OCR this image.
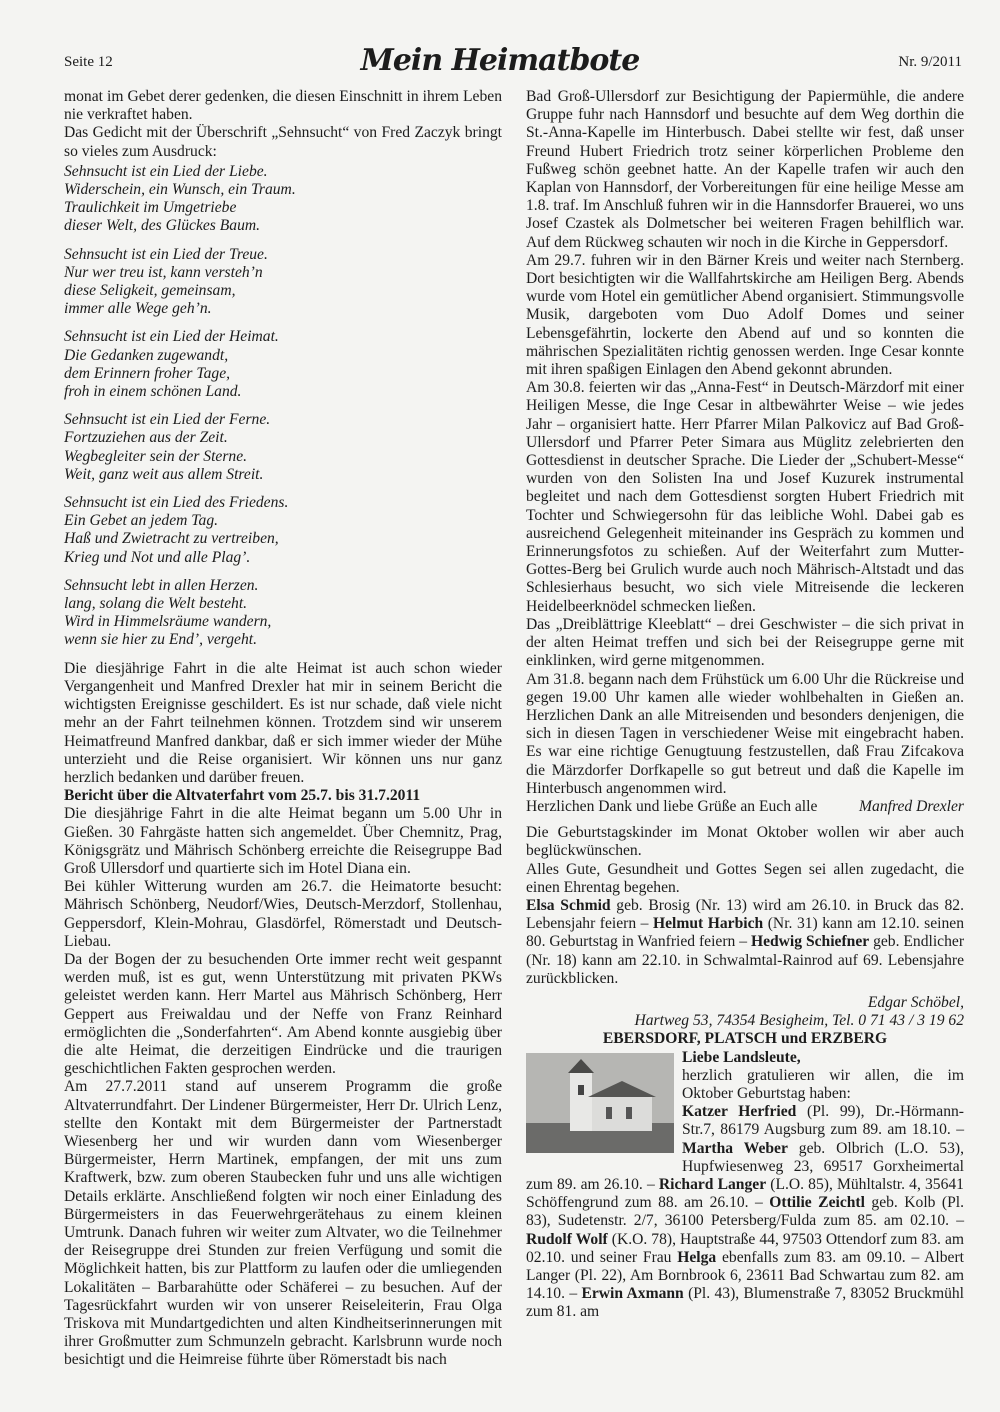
Seite 12	Mein Heimatbote	Nr. 9/2011

monat im Gebet derer gedenken, die diesen Einschnitt in ihrem Leben nie verkraftet haben.

Das Gedicht mit der Überschrift „Sehnsucht“ von Fred Zaczyk bringt so vieles zum Ausdruck:

Sehnsucht ist ein Lied der Liebe.
Widerschein, ein Wunsch, ein Traum.
Traulichkeit im Umgetriebe
dieser Welt, des Glückes Baum.
Sehnsucht ist ein Lied der Treue.
Nur wer treu ist, kann versteh’n
diese Seligkeit, gemeinsam,
immer alle Wege geh’n.
Sehnsucht ist ein Lied der Heimat.
Die Gedanken zugewandt,
dem Erinnern froher Tage,
froh in einem schönen Land.
Sehnsucht ist ein Lied der Ferne.
Fortzuziehen aus der Zeit.
Wegbegleiter sein der Sterne.
Weit, ganz weit aus allem Streit.
Sehnsucht ist ein Lied des Friedens.
Ein Gebet an jedem Tag.
Haß und Zwietracht zu vertreiben,
Krieg und Not und alle Plag’.
Sehnsucht lebt in allen Herzen.
lang, solang die Welt besteht.
Wird in Himmelsräume wandern,
wenn sie hier zu End’, vergeht.

Die diesjährige Fahrt in die alte Heimat ist auch schon wieder Vergangenheit und Manfred Drexler hat mir in seinem Bericht die wichtigsten Ereignisse geschildert. Es ist nur schade, daß viele nicht mehr an der Fahrt teilnehmen können. Trotzdem sind wir unserem Heimatfreund Manfred dankbar, daß er sich immer wieder der Mühe unterzieht und die Reise organisiert. Wir können uns nur ganz herzlich bedanken und darüber freuen.

Bericht über die Altvaterfahrt vom 25.7. bis 31.7.2011

Die diesjährige Fahrt in die alte Heimat begann um 5.00 Uhr in Gießen. 30 Fahrgäste hatten sich angemeldet. Über Chemnitz, Prag, Königsgrätz und Mährisch Schönberg erreichte die Reisegruppe Bad Groß Ullersdorf und quartierte sich im Hotel Diana ein.

Bei kühler Witterung wurden am 26.7. die Heimatorte besucht: Mährisch Schönberg, Neudorf/Wies, Deutsch-Merzdorf, Stollenhau, Geppersdorf, Klein-Mohrau, Glasdörfel, Römerstadt und Deutsch-Liebau.

Da der Bogen der zu besuchenden Orte immer recht weit gespannt werden muß, ist es gut, wenn Unterstützung mit privaten PKWs geleistet werden kann. Herr Martel aus Mährisch Schönberg, Herr Geppert aus Freiwaldau und der Neffe von Franz Reinhard ermöglichten die „Sonderfahrten“. Am Abend konnte ausgiebig über die alte Heimat, die derzeitigen Eindrücke und die traurigen geschichtlichen Fakten gesprochen werden.

Am 27.7.2011 stand auf unserem Programm die große Altvaterrundfahrt. Der Lindener Bürgermeister, Herr Dr. Ulrich Lenz, stellte den Kontakt mit dem Bürgermeister der Partnerstadt Wiesenberg her und wir wurden dann vom Wiesenberger Bürgermeister, Herrn Martinek, empfangen, der mit uns zum Kraftwerk, bzw. zum oberen Staubecken fuhr und uns alle wichtigen Details erklärte. Anschließend folgten wir noch einer Einladung des Bürgermeisters in das Feuerwehrgerätehaus zu einem kleinen Umtrunk. Danach fuhren wir weiter zum Altvater, wo die Teilnehmer der Reisegruppe drei Stunden zur freien Verfügung und somit die Möglichkeit hatten, bis zur Plattform zu laufen oder die umliegenden Lokalitäten – Barbarahütte oder Schäferei – zu besuchen. Auf der Tagesrückfahrt wurden wir von unserer Reiseleiterin, Frau Olga Triskova mit Mundartgedichten und alten Kindheitserinnerungen mit ihrer Großmutter zum Schmunzeln gebracht. Karlsbrunn wurde noch besichtigt und die Heimreise führte über Römerstadt bis nach

Bad Groß-Ullersdorf zur Besichtigung der Papiermühle, die andere Gruppe fuhr nach Hannsdorf und besuchte auf dem Weg dorthin die St.-Anna-Kapelle im Hinterbusch. Dabei stellte wir fest, daß unser Freund Hubert Friedrich trotz seiner körperlichen Probleme den Fußweg schön geebnet hatte. An der Kapelle trafen wir auch den Kaplan von Hannsdorf, der Vorbereitungen für eine heilige Messe am 1.8. traf. Im Anschluß fuhren wir in die Hannsdorfer Brauerei, wo uns Josef Czastek als Dolmetscher bei weiteren Fragen behilflich war. Auf dem Rückweg schauten wir noch in die Kirche in Geppersdorf.

Am 29.7. fuhren wir in den Bärner Kreis und weiter nach Sternberg. Dort besichtigten wir die Wallfahrtskirche am Heiligen Berg. Abends wurde vom Hotel ein gemütlicher Abend organisiert. Stimmungsvolle Musik, dargeboten vom Duo Adolf Domes und seiner Lebensgefährtin, lockerte den Abend auf und so konnten die mährischen Spezialitäten richtig genossen werden. Inge Cesar konnte mit ihren spaßigen Einlagen den Abend gekonnt abrunden.

Am 30.8. feierten wir das „Anna-Fest“ in Deutsch-Märzdorf mit einer Heiligen Messe, die Inge Cesar in altbewährter Weise – wie jedes Jahr – organisiert hatte. Herr Pfarrer Milan Palkovicz auf Bad Groß-Ullersdorf und Pfarrer Peter Simara aus Müglitz zelebrierten den Gottesdienst in deutscher Sprache. Die Lieder der „Schubert-Messe“ wurden von den Solisten Ina und Josef Kuzurek instrumental begleitet und nach dem Gottesdienst sorgten Hubert Friedrich mit Tochter und Schwiegersohn für das leibliche Wohl. Dabei gab es ausreichend Gelegenheit miteinander ins Gespräch zu kommen und Erinnerungsfotos zu schießen. Auf der Weiterfahrt zum Mutter-Gottes-Berg bei Grulich wurde auch noch Mährisch-Altstadt und das Schlesierhaus besucht, wo sich viele Mitreisende die leckeren Heidelbeerknödel schmecken ließen.

Das „Dreiblättrige Kleeblatt“ – drei Geschwister – die sich privat in der alten Heimat treffen und sich bei der Reisegruppe gerne mit einklinken, wird gerne mitgenommen.

Am 31.8. begann nach dem Frühstück um 6.00 Uhr die Rückreise und gegen 19.00 Uhr kamen alle wieder wohlbehalten in Gießen an. Herzlichen Dank an alle Mitreisenden und besonders denjenigen, die sich in diesen Tagen in verschiedener Weise mit eingebracht haben. Es war eine richtige Genugtuung festzustellen, daß Frau Zifcakova die Märzdorfer Dorfkapelle so gut betreut und daß die Kapelle im Hinterbusch angenommen wird.

Herzlichen Dank und liebe Grüße an Euch alle	Manfred Drexler

Die Geburtstagskinder im Monat Oktober wollen wir aber auch beglückwünschen.

Alles Gute, Gesundheit und Gottes Segen sei allen zugedacht, die einen Ehrentag begehen.

Elsa Schmid geb. Brosig (Nr. 13) wird am 26.10. in Bruck das 82. Lebensjahr feiern – Helmut Harbich (Nr. 31) kann am 12.10. seinen 80. Geburtstag in Wanfried feiern – Hedwig Schiefner geb. Endlicher (Nr. 18) kann am 22.10. in Schwalmtal-Rainrod auf 69. Lebensjahre zurückblicken.

Edgar Schöbel,

Hartweg 53, 74354 Besigheim, Tel. 0 71 43 / 3 19 62

EBERSDORF, PLATSCH und ERZBERG

Liebe Landsleute,

herzlich gratulieren wir allen, die im Oktober Geburtstag haben:

Katzer Herfried (Pl. 99), Dr.-Hörmann-Str.7, 86179 Augsburg zum 89. am 18.10. – Martha Weber geb. Olbrich (L.O. 53), Hupfwiesenweg 23, 69517 Gorxheimertal zum 89. am 26.10. – Richard Langer (L.O. 85), Mühltalstr. 4, 35641 Schöffengrund zum 88. am 26.10. – Ottilie Zeichtl geb. Kolb (Pl. 83), Sudetenstr. 2/7, 36100 Petersberg/Fulda zum 85. am 02.10. – Rudolf Wolf (K.O. 78), Hauptstraße 44, 97503 Ottendorf zum 83. am 02.10. und seiner Frau Helga ebenfalls zum 83. am 09.10. – Albert Langer (Pl. 22), Am Bornbrook 6, 23611 Bad Schwartau zum 82. am 14.10. – Erwin Axmann (Pl. 43), Blumenstraße 7, 83052 Bruckmühl zum 81. am
